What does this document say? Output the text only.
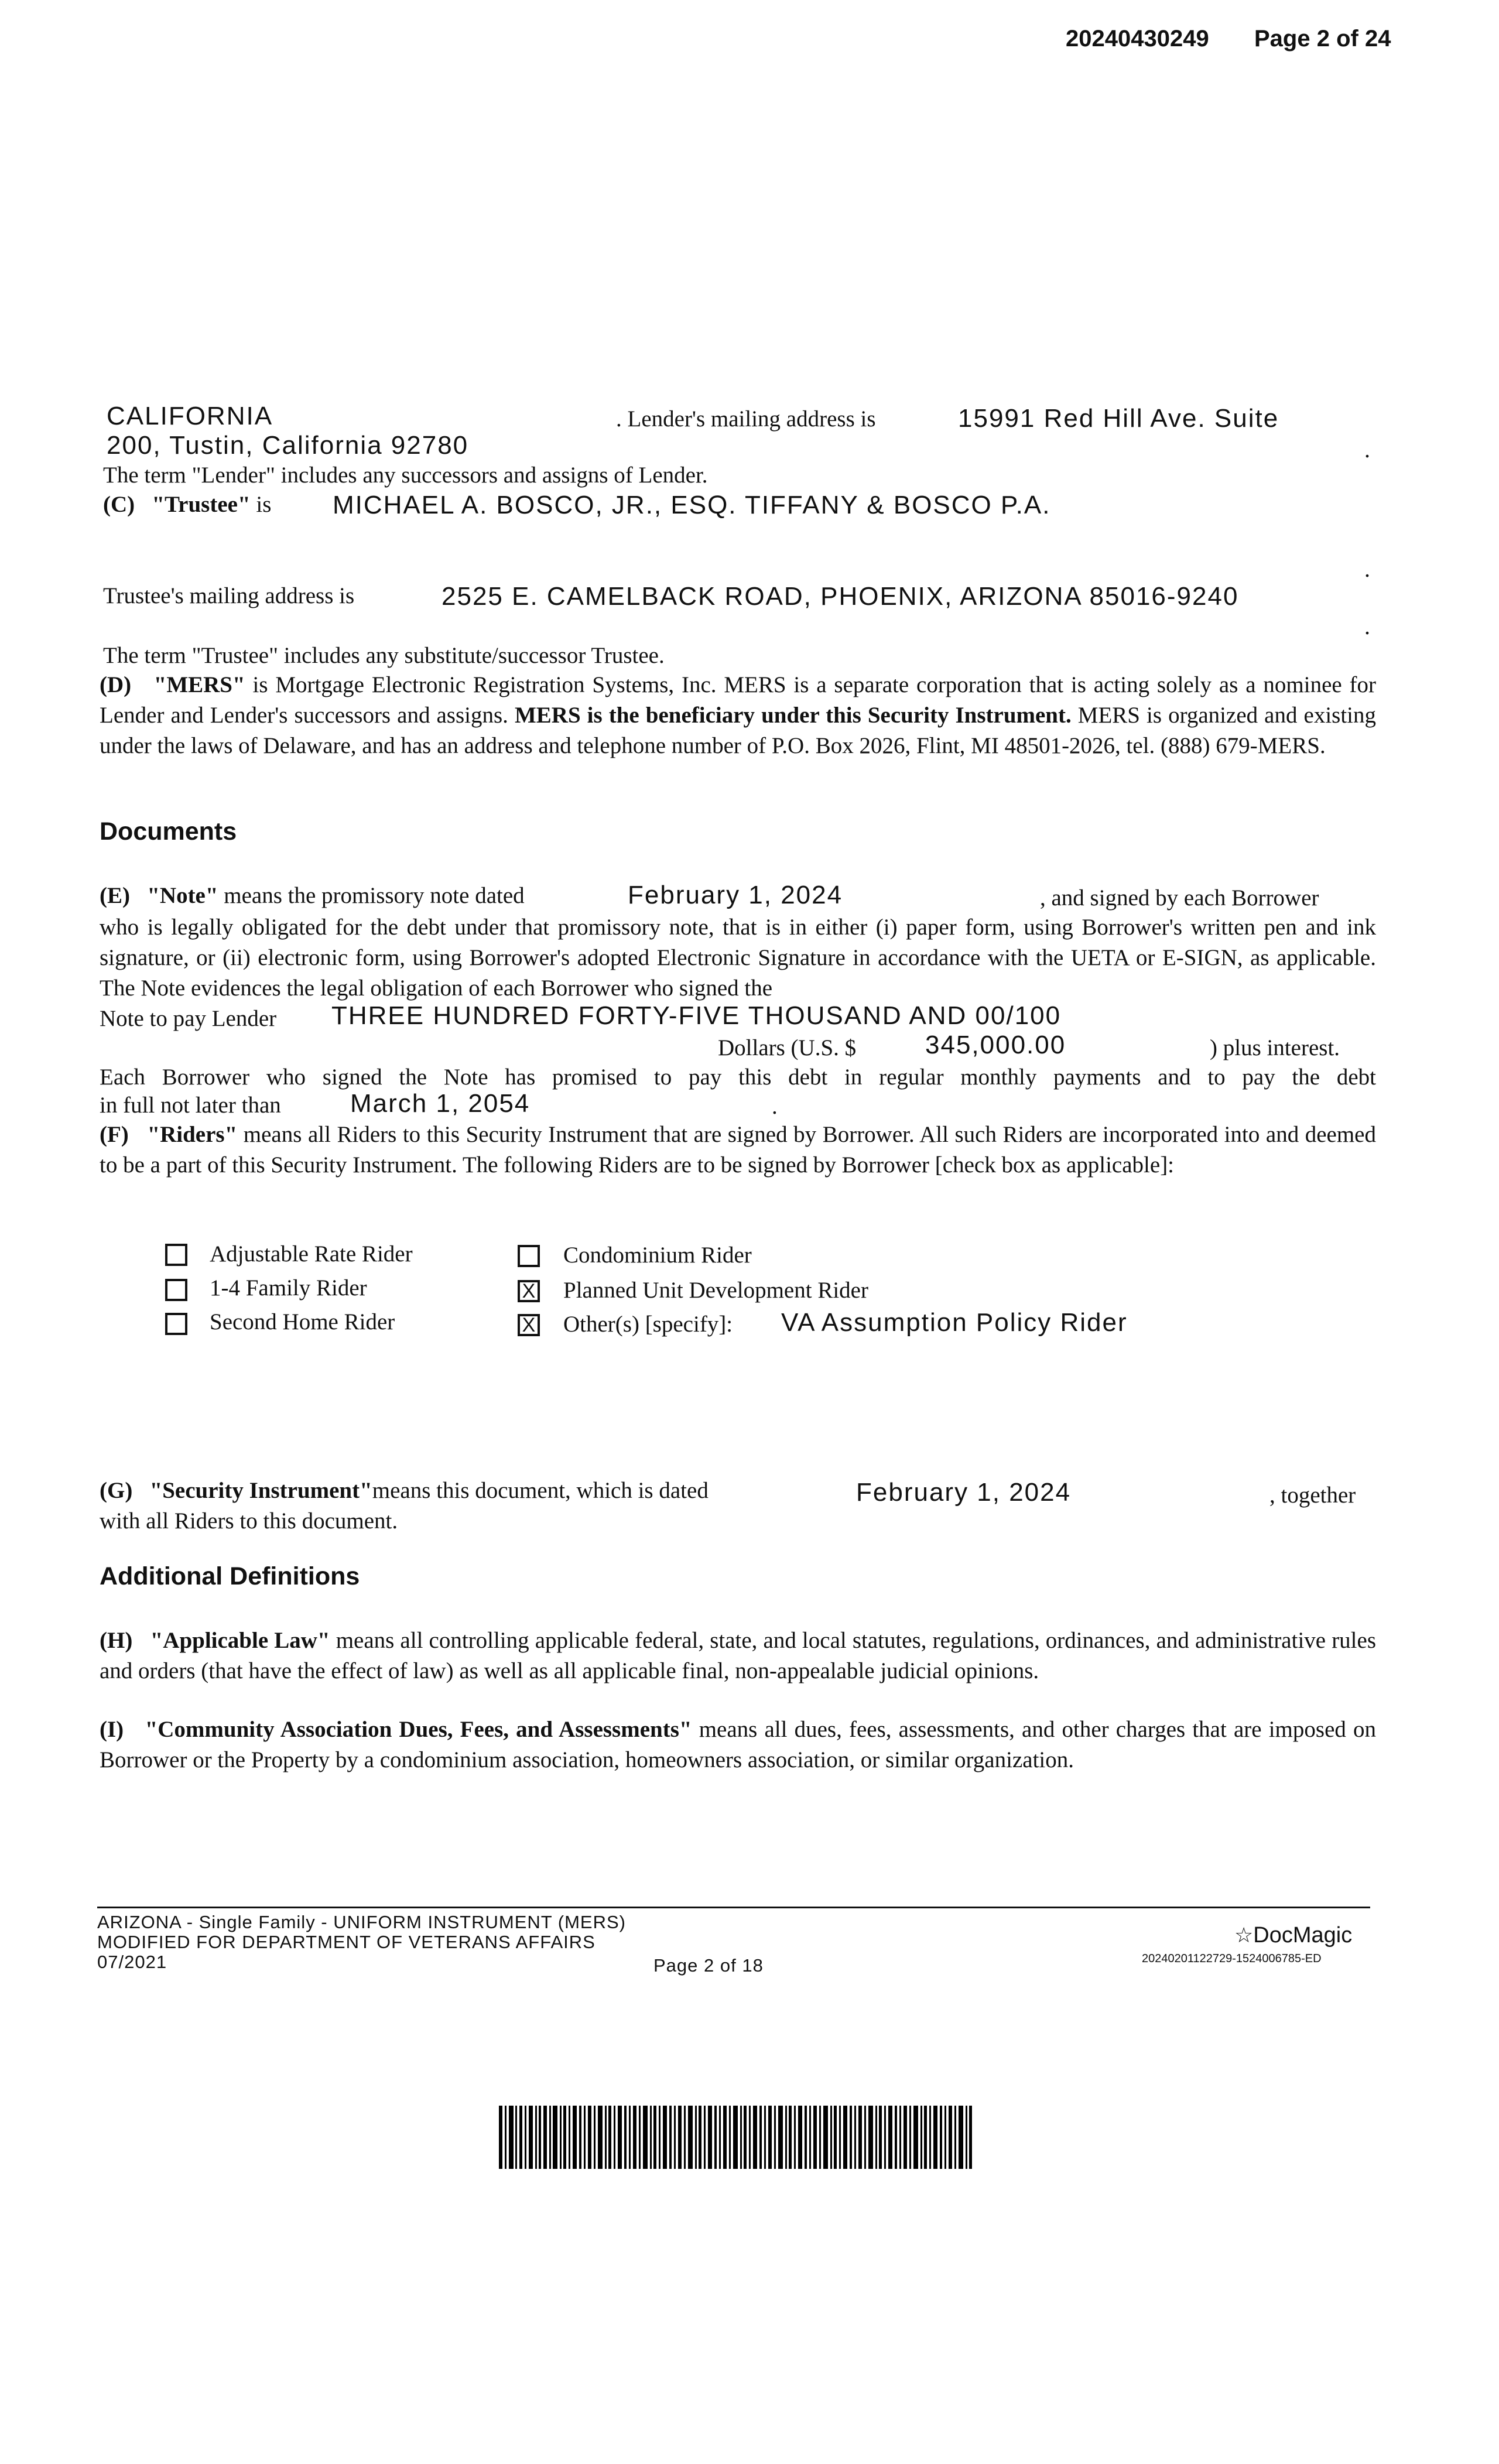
20240430249 Page 2 of 24
CALIFORNIA	. Lender's mailing address is	15991 Red Hill Ave. Suite
200, Tustin, California 92780	.
The term "Lender" includes any successors and assigns of Lender.
(C) "Trustee" is MICHAEL A. BOSCO, JR., ESQ. TIFFANY & BOSCO P.A.
.
Trustee's mailing address is	2525 E. CAMELBACK ROAD, PHOENIX, ARIZONA 85016-9240
.
The term "Trustee" includes any substitute/successor Trustee.
(D) "MERS" is Mortgage Electronic Registration Systems, Inc. MERS is a separate corporation that is acting solely as a nominee for Lender and Lender's successors and assigns. MERS is the beneficiary under this Security Instrument. MERS is organized and existing under the laws of Delaware, and has an address and telephone number of P.O. Box 2026, Flint, MI 48501-2026, tel. (888) 679-MERS.
Documents
(E) "Note" means the promissory note dated	February 1, 2024	, and signed by each Borrower
who is legally obligated for the debt under that promissory note, that is in either (i) paper form, using Borrower's written pen and ink signature, or (ii) electronic form, using Borrower's adopted Electronic Signature in accordance with the UETA or E-SIGN, as applicable. The Note evidences the legal obligation of each Borrower who signed the
Note to pay Lender THREE HUNDRED FORTY-FIVE THOUSAND AND 00/100
Dollars (U.S. $	345,000.00	) plus interest.
Each Borrower who signed the Note has promised to pay this debt in regular monthly payments and to pay the debt
in full not later than	March 1, 2054	.
(F) "Riders" means all Riders to this Security Instrument that are signed by Borrower. All such Riders are incorporated into and deemed to be a part of this Security Instrument. The following Riders are to be signed by Borrower [check box as applicable]:
Adjustable Rate Rider
1-4 Family Rider
Second Home Rider
Condominium Rider
X Planned Unit Development Rider
X Other(s) [specify]: VA Assumption Policy Rider
(G) "Security Instrument"means this document, which is dated	February 1, 2024	, together
with all Riders to this document.
Additional Definitions
(H) "Applicable Law" means all controlling applicable federal, state, and local statutes, regulations, ordinances, and administrative rules and orders (that have the effect of law) as well as all applicable final, non-appealable judicial opinions.
(I) "Community Association Dues, Fees, and Assessments" means all dues, fees, assessments, and other charges that are imposed on Borrower or the Property by a condominium association, homeowners association, or similar organization.
ARIZONA - Single Family - UNIFORM INSTRUMENT (MERS)
MODIFIED FOR DEPARTMENT OF VETERANS AFFAIRS
07/2021	Page 2 of 18
☆DocMagic
20240201122729-1524006785-ED
